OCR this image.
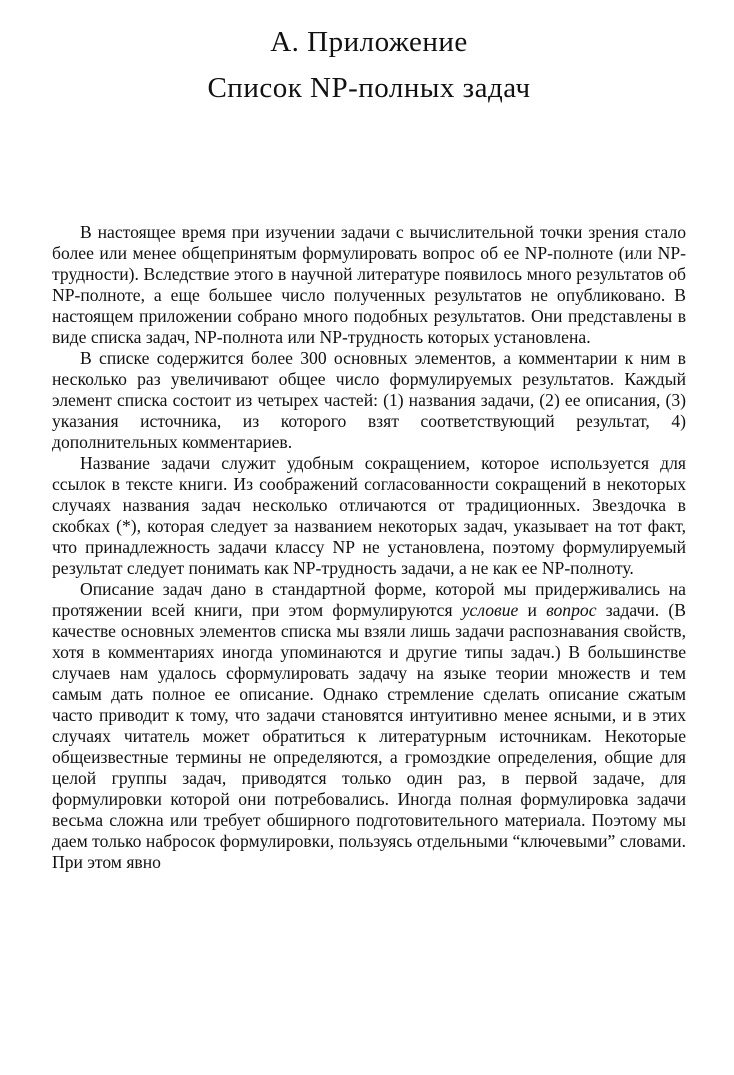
А. Приложение
Список NP-полных задач

В настоящее время при изучении задачи с вычислительной точки зрения стало более или менее общепринятым формулировать вопрос об ее NP-полноте (или NP-трудности). Вследствие этого в научной литературе появилось много результатов об NP-полноте, а еще большее число полученных результатов не опубликовано. В настоящем приложении собрано много подобных результатов. Они представлены в виде списка задач, NP-полнота или NP-трудность которых установлена.

В списке содержится более 300 основных элементов, а комментарии к ним в несколько раз увеличивают общее число формулируемых результатов. Каждый элемент списка состоит из четырех частей: (1) названия задачи, (2) ее описания, (3) указания источника, из которого взят соответствующий результат, 4) дополнительных комментариев.

Название задачи служит удобным сокращением, которое используется для ссылок в тексте книги. Из соображений согласованности сокращений в некоторых случаях названия задач несколько отличаются от традиционных. Звездочка в скобках (*), которая следует за названием некоторых задач, указывает на тот факт, что принадлежность задачи классу NP не установлена, поэтому формулируемый результат следует понимать как NP-трудность задачи, а не как ее NP-полноту.

Описание задач дано в стандартной форме, которой мы придерживались на протяжении всей книги, при этом формулируются условие и вопрос задачи. (В качестве основных элементов списка мы взяли лишь задачи распознавания свойств, хотя в комментариях иногда упоминаются и другие типы задач.) В большинстве случаев нам удалось сформулировать задачу на языке теории множеств и тем самым дать полное ее описание. Однако стремление сделать описание сжатым часто приводит к тому, что задачи становятся интуитивно менее ясными, и в этих случаях читатель может обратиться к литературным источникам. Некоторые общеизвестные термины не определяются, а громоздкие определения, общие для целой группы задач, приводятся только один раз, в первой задаче, для формулировки которой они потребовались. Иногда полная формулировка задачи весьма сложна или требует обширного подготовительного материала. Поэтому мы даем только набросок формулировки, пользуясь отдельными “ключевыми” словами. При этом явно
